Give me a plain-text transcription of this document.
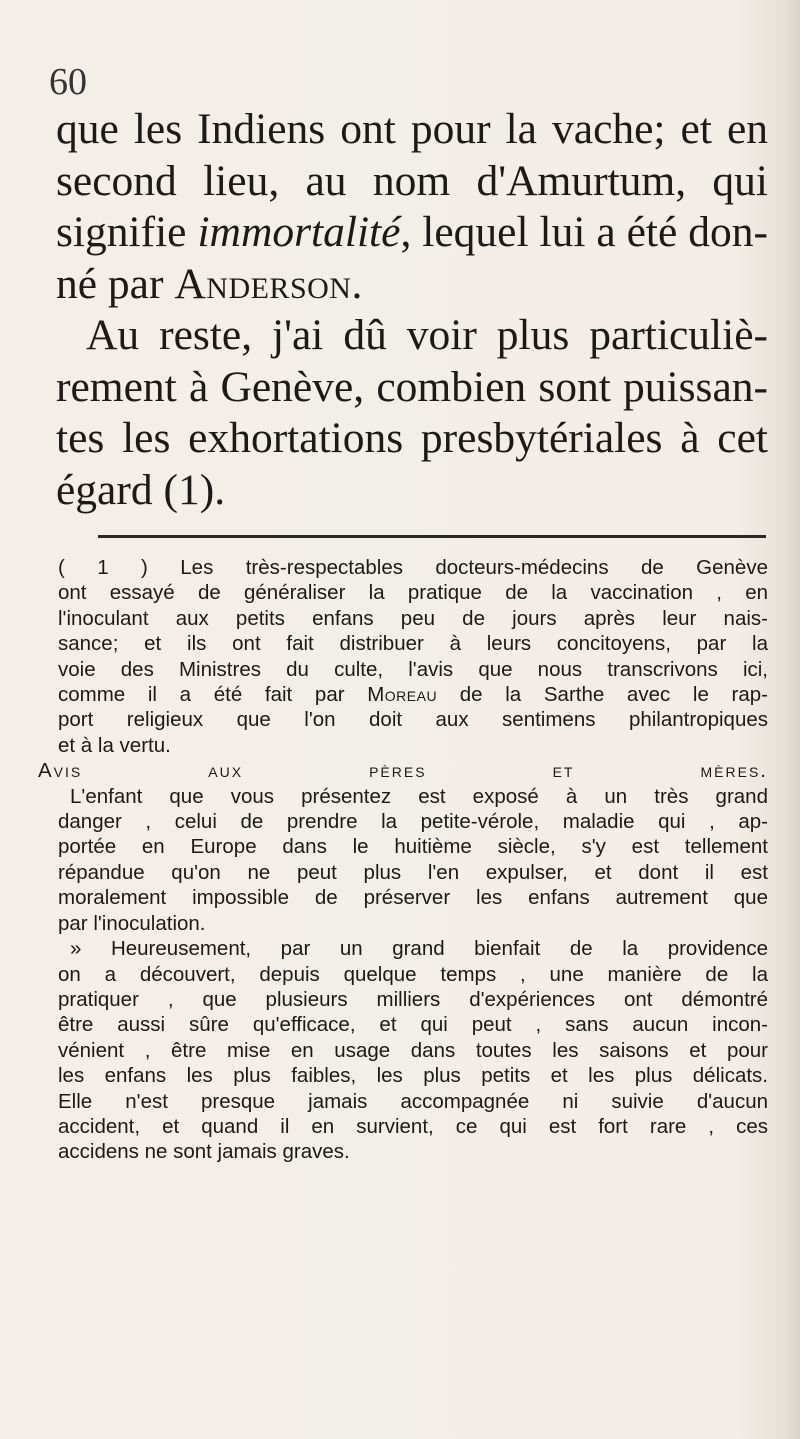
60
que les Indiens ont pour la vache; et en
second lieu, au nom d'Amurtum, qui
signifie immortalité, lequel lui a été don-
né par Anderson.
Au reste, j'ai dû voir plus particuliè-
rement à Genève, combien sont puissan-
tes les exhortations presbytériales à cet
égard (1).
( 1 ) Les très-respectables docteurs-médecins de Genève
ont essayé de généraliser la pratique de la vaccination , en
l'inoculant aux petits enfans peu de jours après leur nais-
sance; et ils ont fait distribuer à leurs concitoyens, par la
voie des Ministres du culte, l'avis que nous transcrivons ici,
comme il a été fait par Moreau de la Sarthe avec le rap-
port religieux que l'on doit aux sentimens philantropiques
et à la vertu.
Avis aux pères et mères.
L'enfant que vous présentez est exposé à un très grand
danger , celui de prendre la petite-vérole, maladie qui , ap-
portée en Europe dans le huitième siècle, s'y est tellement
répandue qu'on ne peut plus l'en expulser, et dont il est
moralement impossible de préserver les enfans autrement que
par l'inoculation.
» Heureusement, par un grand bienfait de la providence
on a découvert, depuis quelque temps , une manière de la
pratiquer , que plusieurs milliers d'expériences ont démontré
être aussi sûre qu'efficace, et qui peut , sans aucun incon-
vénient , être mise en usage dans toutes les saisons et pour
les enfans les plus faibles, les plus petits et les plus délicats.
Elle n'est presque jamais accompagnée ni suivie d'aucun
accident, et quand il en survient, ce qui est fort rare , ces
accidens ne sont jamais graves.
